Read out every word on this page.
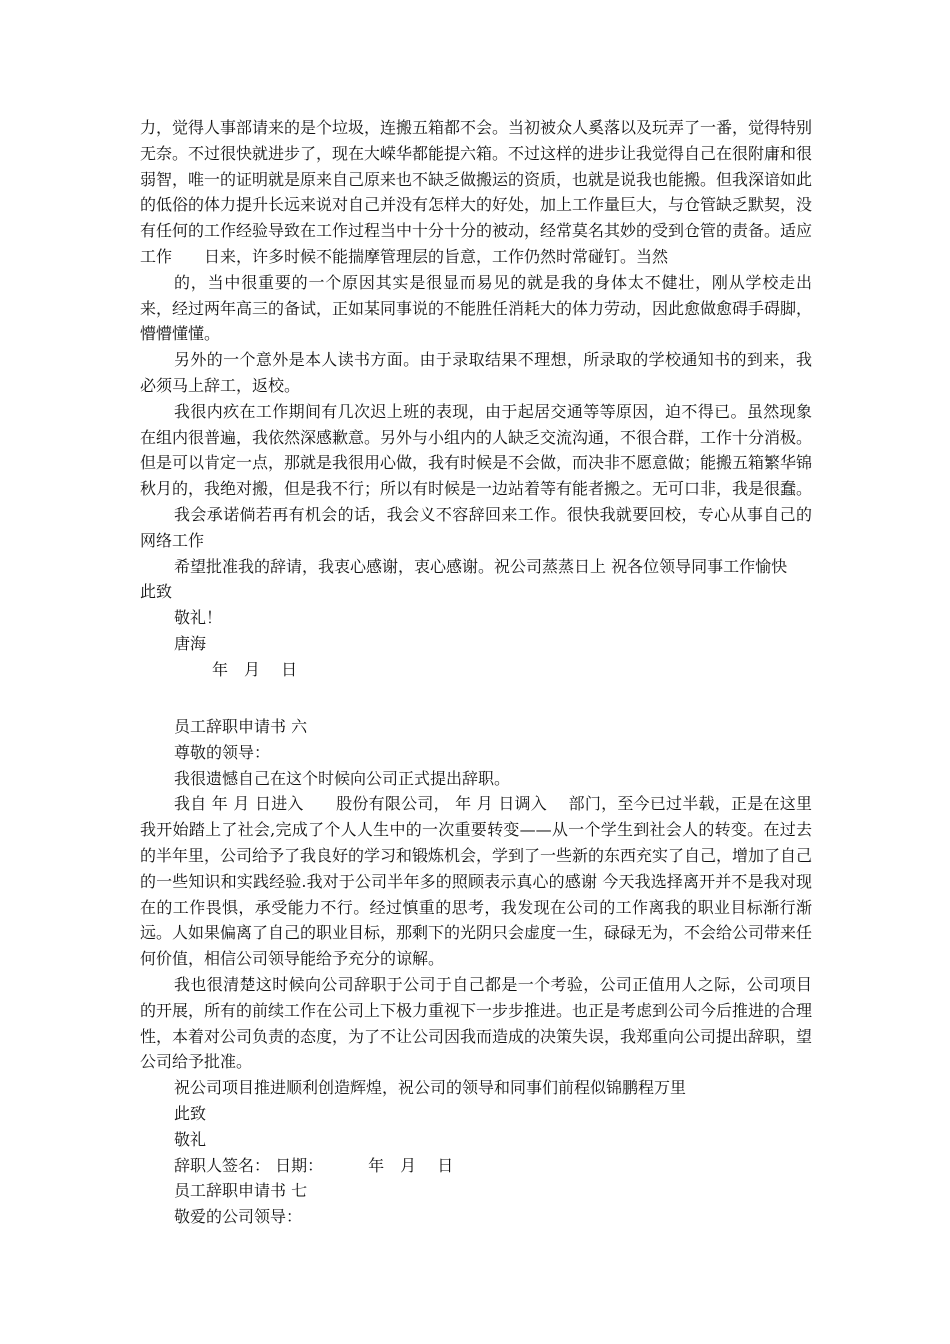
力，觉得人事部请来的是个垃圾，连搬五箱都不会。当初被众人奚落以及玩弄了一番，觉得特别无奈。不过很快就进步了，现在大嵘华都能提六箱。不过这样的进步让我觉得自己在很附庸和很弱智，唯一的证明就是原来自己原来也不缺乏做搬运的资质，也就是说我也能搬。但我深谙如此的低俗的体力提升长远来说对自己并没有怎样大的好处，加上工作量巨大，与仓管缺乏默契，没有任何的工作经验导致在工作过程当中十分十分的被动，经常莫名其妙的受到仓管的责备。适应工作　　日来，许多时候不能揣摩管理层的旨意，工作仍然时常碰钉。当然

的，当中很重要的一个原因其实是很显而易见的就是我的身体太不健壮，刚从学校走出来，经过两年高三的备试，正如某同事说的不能胜任消耗大的体力劳动，因此愈做愈碍手碍脚，懵懵懂懂。

另外的一个意外是本人读书方面。由于录取结果不理想，所录取的学校通知书的到来，我必须马上辞工，返校。

我很内疚在工作期间有几次迟上班的表现，由于起居交通等等原因，迫不得已。虽然现象在组内很普遍，我依然深感歉意。另外与小组内的人缺乏交流沟通，不很合群，工作十分消极。 但是可以肯定一点，那就是我很用心做，我有时候是不会做，而决非不愿意做；能搬五箱繁华锦秋月的，我绝对搬，但是我不行；所以有时候是一边站着等有能者搬之。无可口非，我是很蠢。

我会承诺倘若再有机会的话，我会义不容辞回来工作。很快我就要回校，专心从事自己的网络工作

希望批准我的辞请，我衷心感谢，衷心感谢。祝公司蒸蒸日上 祝各位领导同事工作愉快

此致

敬礼！

唐海

年　月　 日

员工辞职申请书 六

尊敬的领导：

我很遗憾自己在这个时候向公司正式提出辞职。

我自 年 月 日进入　　股份有限公司， 年 月 日调入　 部门，至今已过半载，正是在这里我开始踏上了社会,完成了个人人生中的一次重要转变——从一个学生到社会人的转变。在过去的半年里，公司给予了我良好的学习和锻炼机会，学到了一些新的东西充实了自己，增加了自己的一些知识和实践经验.我对于公司半年多的照顾表示真心的感谢 今天我选择离开并不是我对现在的工作畏惧，承受能力不行。经过慎重的思考，我发现在公司的工作离我的职业目标渐行渐远。人如果偏离了自己的职业目标，那剩下的光阴只会虚度一生，碌碌无为，不会给公司带来任何价值，相信公司领导能给予充分的谅解。

我也很清楚这时候向公司辞职于公司于自己都是一个考验，公司正值用人之际，公司项目的开展，所有的前续工作在公司上下极力重视下一步步推进。也正是考虑到公司今后推进的合理性，本着对公司负责的态度，为了不让公司因我而造成的决策失误，我郑重向公司提出辞职，望公司给予批准。

祝公司项目推进顺利创造辉煌，祝公司的领导和同事们前程似锦鹏程万里

此致

敬礼

辞职人签名： 日期：　　　 年　月　 日

员工辞职申请书 七

敬爱的公司领导：
